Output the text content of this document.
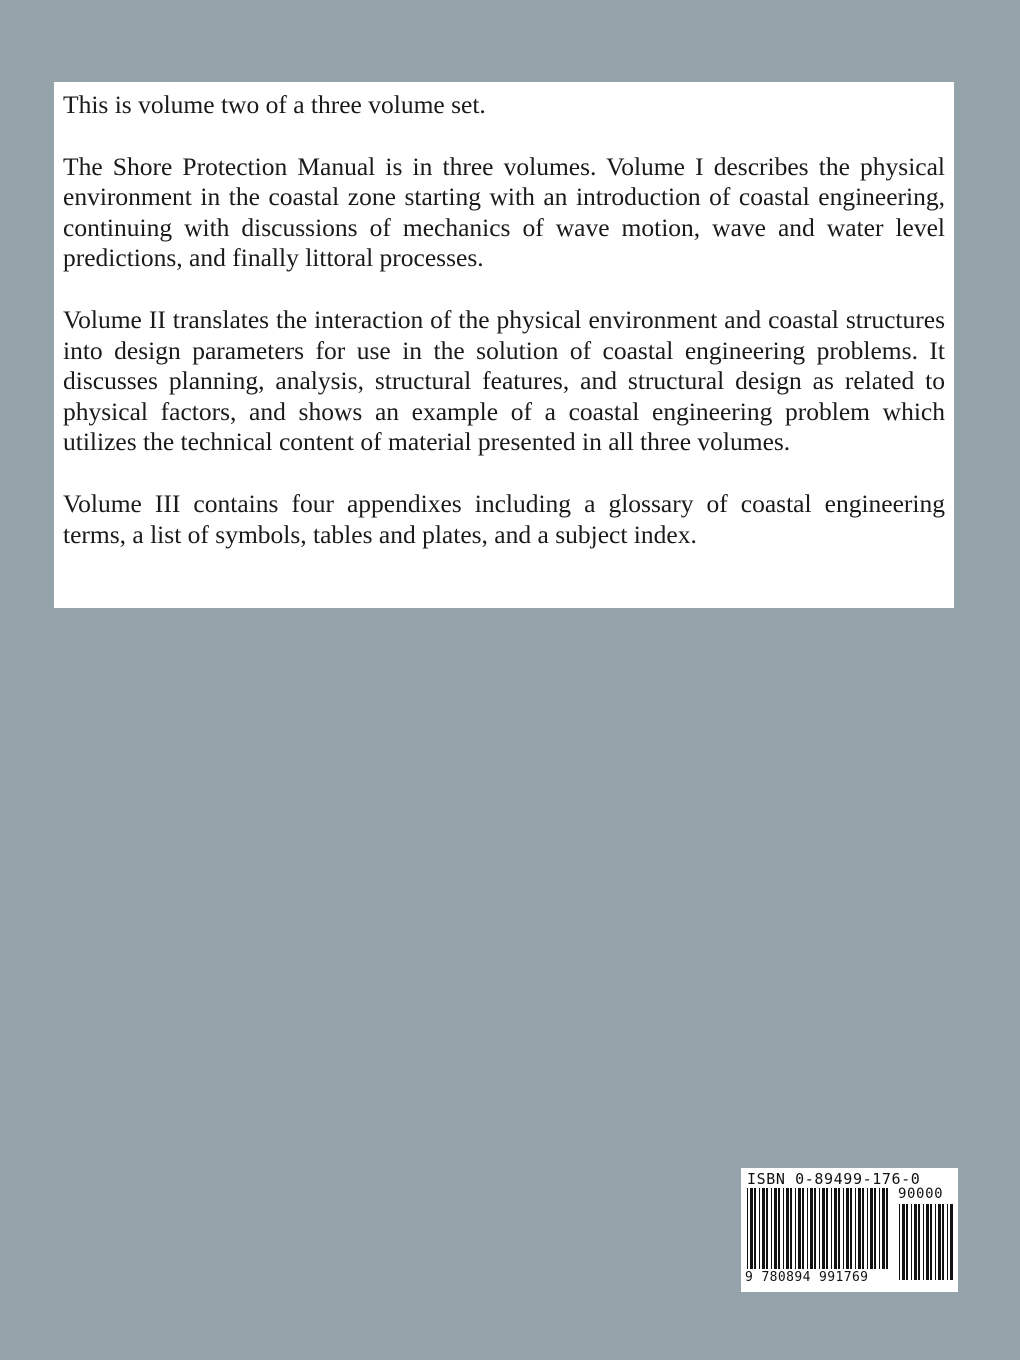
This is volume two of a three volume set.

The Shore Protection Manual is in three volumes. Volume I describes the physical environment in the coastal zone starting with an introduction of coastal engineering, continuing with discussions of mechanics of wave motion, wave and water level predictions, and finally littoral processes.

Volume II translates the interaction of the physical environment and coastal structures into design parameters for use in the solution of coastal engineering problems. It discusses planning, analysis, structural features, and structural design as related to physical factors, and shows an example of a coastal engineering problem which utilizes the technical content of material presented in all three volumes.

Volume III contains four appendixes including a glossary of coastal engineering terms, a list of symbols, tables and plates, and a subject index.

ISBN 0-89499-176-0
90000
9 780894 991769
